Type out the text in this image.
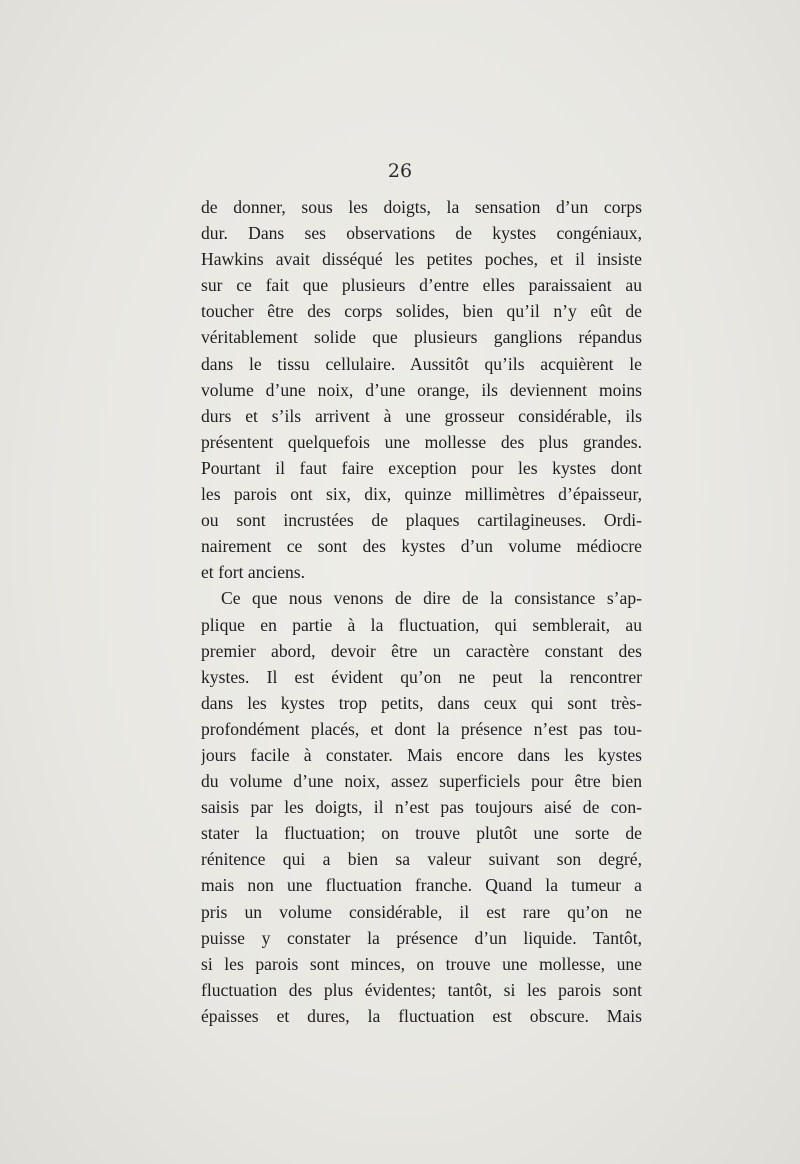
26
de donner, sous les doigts, la sensation d’un corps
dur. Dans ses observations de kystes congéniaux,
Hawkins avait disséqué les petites poches, et il insiste
sur ce fait que plusieurs d’entre elles paraissaient au
toucher être des corps solides, bien qu’il n’y eût de
véritablement solide que plusieurs ganglions répandus
dans le tissu cellulaire. Aussitôt qu’ils acquièrent le
volume d’une noix, d’une orange, ils deviennent moins
durs et s’ils arrivent à une grosseur considérable, ils
présentent quelquefois une mollesse des plus grandes.
Pourtant il faut faire exception pour les kystes dont
les parois ont six, dix, quinze millimètres d’épaisseur,
ou sont incrustées de plaques cartilagineuses. Ordi-
nairement ce sont des kystes d’un volume médiocre
et fort anciens.
Ce que nous venons de dire de la consistance s’ap-
plique en partie à la fluctuation, qui semblerait, au
premier abord, devoir être un caractère constant des
kystes. Il est évident qu’on ne peut la rencontrer
dans les kystes trop petits, dans ceux qui sont très-
profondément placés, et dont la présence n’est pas tou-
jours facile à constater. Mais encore dans les kystes
du volume d’une noix, assez superficiels pour être bien
saisis par les doigts, il n’est pas toujours aisé de con-
stater la fluctuation; on trouve plutôt une sorte de
rénitence qui a bien sa valeur suivant son degré,
mais non une fluctuation franche. Quand la tumeur a
pris un volume considérable, il est rare qu’on ne
puisse y constater la présence d’un liquide. Tantôt,
si les parois sont minces, on trouve une mollesse, une
fluctuation des plus évidentes; tantôt, si les parois sont
épaisses et dures, la fluctuation est obscure. Mais
